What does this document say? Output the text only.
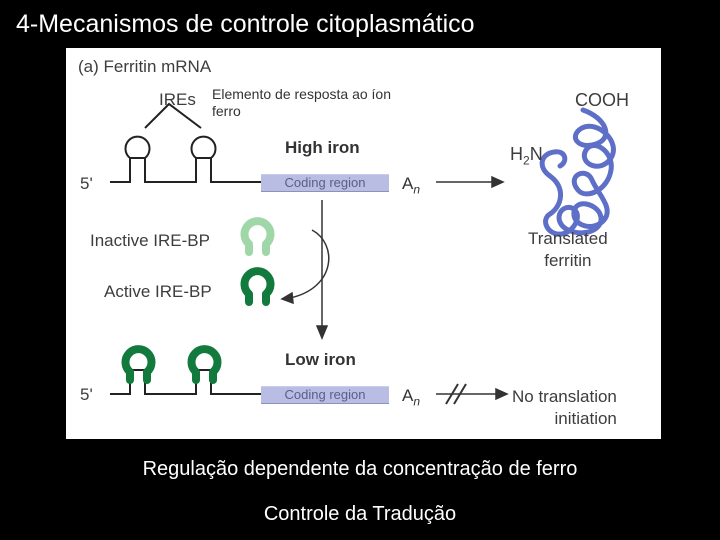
4-Mecanismos de controle citoplasmático
(a) Ferritin mRNA
IREs Elemento de resposta ao íon ferro
High iron
Low iron
5'
5'
Coding region
Coding region
$A_n$
$A_n$
COOH
$H_2N$
Translated
ferritin
Inactive IRE-BP
Active IRE-BP
No translation
initiation
Regulação dependente da concentração de ferro
Controle da Tradução
